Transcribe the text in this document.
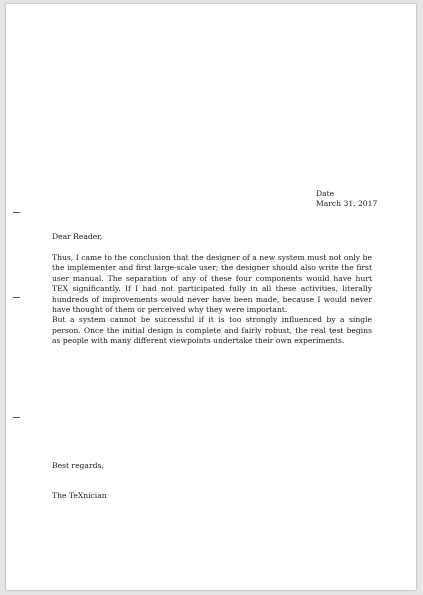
Date
March 31, 2017
Dear Reader,

Thus, I came to the conclusion that the designer of a new system must not only be the implementer and first large-scale user; the designer should also write the first user manual. The separation of any of these four components would have hurt TEX significantly. If I had not participated fully in all these activities, literally hundreds of improvements would never have been made, because I would never have thought of them or perceived why they were important.

But a system cannot be successful if it is too strongly influenced by a single person. Once the initial design is complete and fairly robust, the real test begins as people with many different viewpoints undertake their own experiments.

Best regards,
The TeXnician
